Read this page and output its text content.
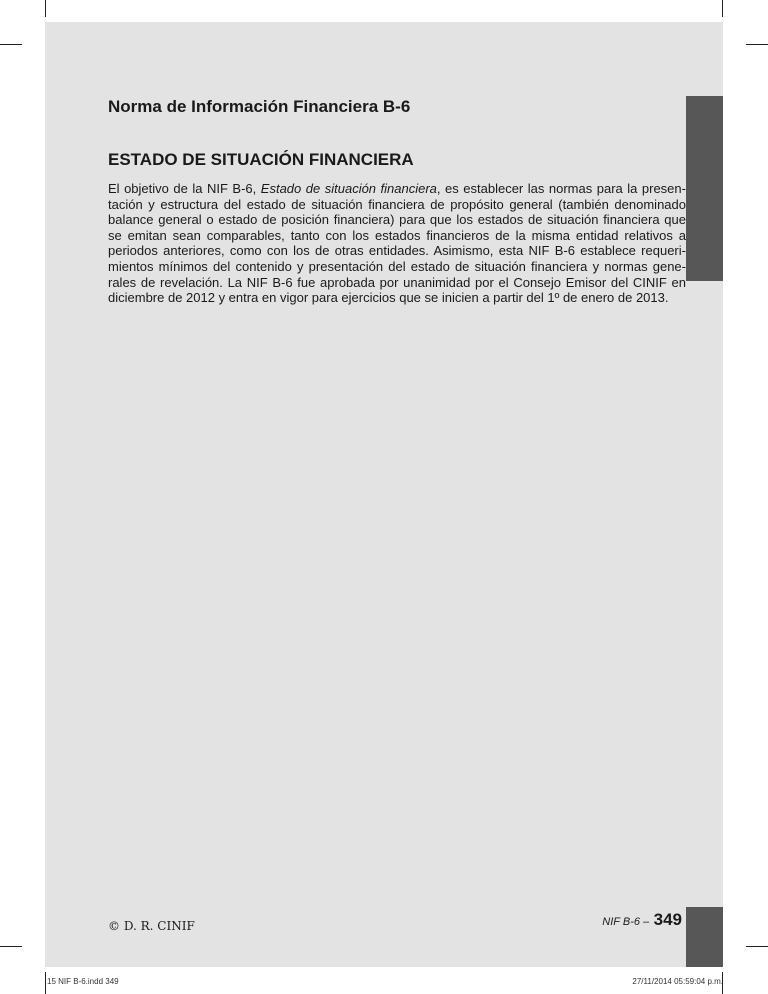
Norma de Información Financiera B-6
ESTADO DE SITUACIÓN FINANCIERA

El objetivo de la NIF B-6, Estado de situación financiera, es establecer las normas para la presentación y estructura del estado de situación financiera de propósito general (también denominado balance general o estado de posición financiera) para que los estados de situación financiera que se emitan sean comparables, tanto con los estados financieros de la misma entidad relativos a periodos anteriores, como con los de otras entidades. Asimismo, esta NIF B-6 establece requerimientos mínimos del contenido y presentación del estado de situación financiera y normas generales de revelación. La NIF B-6 fue aprobada por unanimidad por el Consejo Emisor del CINIF en diciembre de 2012 y entra en vigor para ejercicios que se inicien a partir del 1º de enero de 2013.

© D. R. CINIF	NIF B-6 – 349
15 NIF B-6.indd 349	27/11/2014 05:59:04 p.m.
